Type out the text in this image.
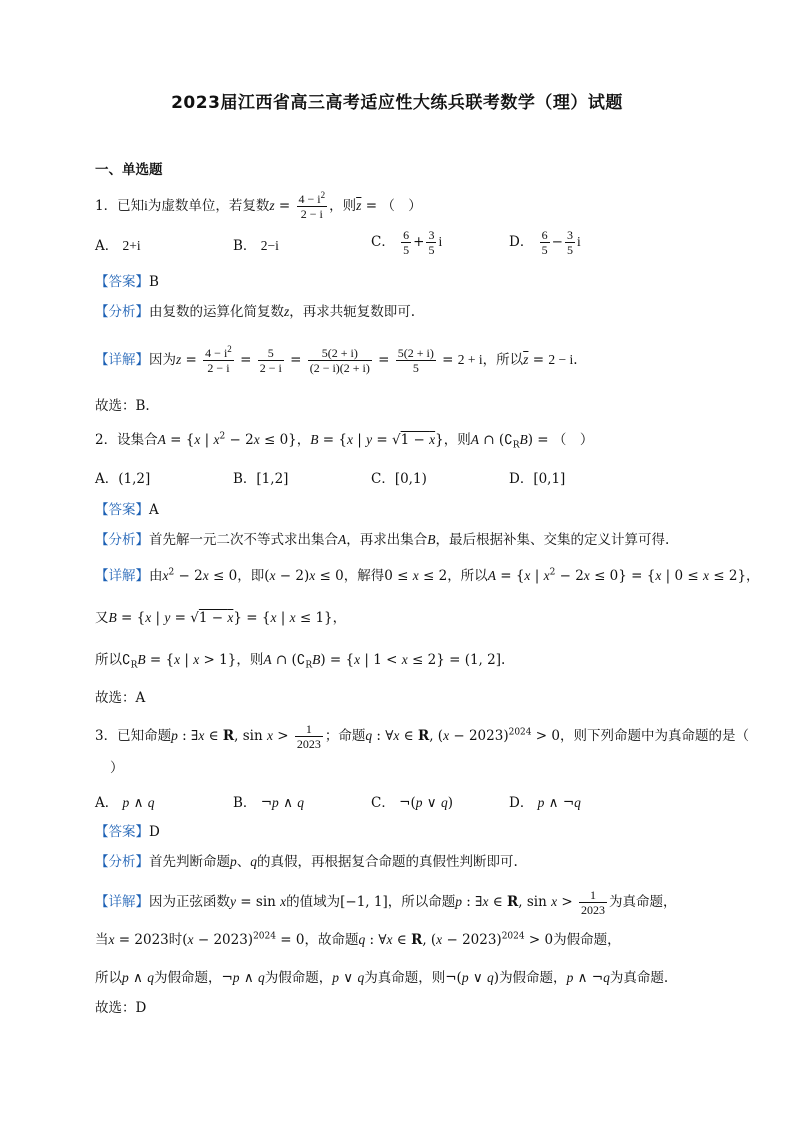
2023届江西省高三高考适应性大练兵联考数学（理）试题
一、单选题
1．已知i为虚数单位，若复数$z = \frac{4 - i^2}{2 - i}$ ，则$\overline{z}$ = （　）
A． 2+i	B． 2−i	C． $\frac{6}{5} + \frac{3}{5}$ i	D． $\frac{6}{5} - \frac{3}{5}$ i
【答案】B
【分析】由复数的运算化简复数z，再求共轭复数即可.
【详解】因为$z = \frac{4 - i^2}{2 - i} = \frac{5}{2 - i} = \frac{5(2 + i)}{(2 - i)(2 + i)} = \frac{5(2 + i)}{5} = 2 + i$，所以$\overline{z} = 2 - i$.
故选：B.
2．设集合A = {x | $x^2 - 2x \le 0$}，B = {x | y = √1 − x}，则A ∩ $(∁_RB)$ = （　）
A．(1,2]	B．[1,2]	C．[0,1)	D．[0,1]
【答案】A
【分析】首先解一元二次不等式求出集合A，再求出集合B，最后根据补集、交集的定义计算可得.
【详解】由$x^2 - 2x \le 0$，即(x − 2)x ≤ 0，解得0 ≤ x ≤ 2，所以A = {x | $x^2 - 2x \le 0\} = \{x$ | 0 ≤ x ≤ 2}，
又B = {x | y = √1 − x} = {x | x ≤ 1}，
所以$∁_RB = \{x$ | x > 1}，则A ∩ $(∁_RB) = \{x$ | 1 < x ≤ 2} = (1, 2].
故选：A
3．已知命题p : ∃x ∈ R, $\sin x > \frac{1}{2023}$ ；命题q : ∀x ∈ R, $(x - 2023)^{2024} > 0$，则下列命题中为真命题的是（
）
A． p ∧ q	B． ¬p ∧ q	C． ¬(p ∨ q)	D． p ∧ ¬q
【答案】D
【分析】首先判断命题p、q的真假，再根据复合命题的真假性判断即可.
【详解】因为正弦函数y = sin x的值域为[−1, 1]，所以命题p : ∃x ∈ R, $\sin x > \frac{1}{2023}$ 为真命题，
当x = 2023时$(x - 2023)^{2024} = 0$，故命题q : ∀x ∈ R, $(x - 2023)^{2024} > 0$为假命题，
所以p ∧ q为假命题，¬p ∧ q为假命题，p ∨ q为真命题，则¬(p ∨ q)为假命题，p ∧ ¬q为真命题.
故选：D
